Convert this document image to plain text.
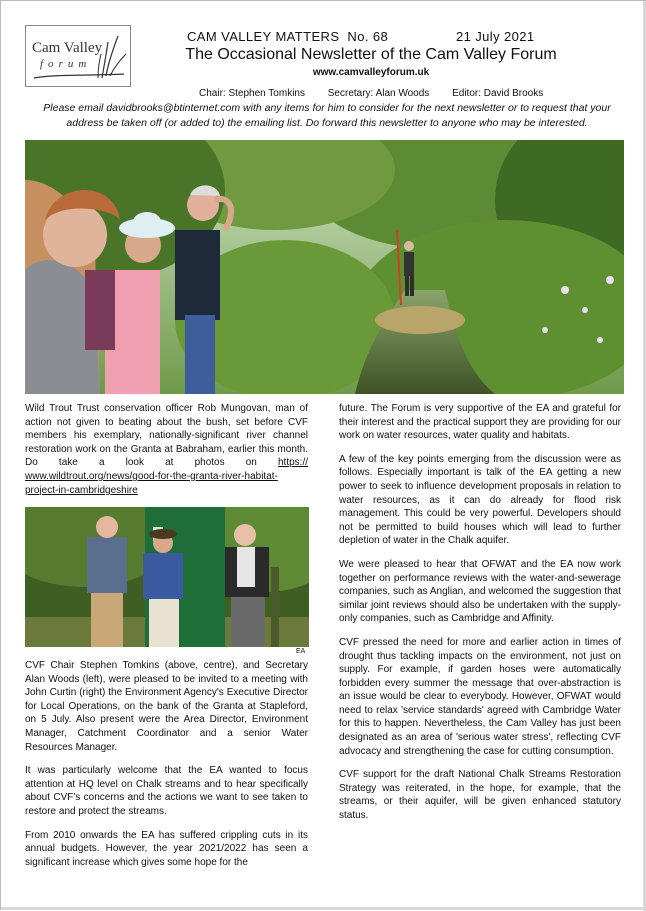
Cam Valley
forum
CAM VALLEY MATTERS No. 68	21 July 2021
The Occasional Newsletter of the Cam Valley Forum
www.camvalleyforum.uk
Chair: Stephen Tomkins Secretary: Alan Woods Editor: David Brooks
Please email davidbrooks@btinternet.com with any items for him to consider for the next newsletter or to request that your address be taken off (or added to) the emailing list. Do forward this newsletter to anyone who may be interested.

Wild Trout Trust conservation officer Rob Mungovan, man of action not given to beating about the bush, set before CVF members his exemplary, nationally-significant river channel restoration work on the Granta at Babraham, earlier this month. Do take a look at photos on https:// www.wildtrout.org/news/good-for-the-granta-river-habitat-project-in-cambridgeshire

EA

CVF Chair Stephen Tomkins (above, centre), and Secretary Alan Woods (left), were pleased to be invited to a meeting with John Curtin (right) the Environment Agency's Executive Director for Local Operations, on the bank of the Granta at Stapleford, on 5 July. Also present were the Area Director, Environment Manager, Catchment Coordinator and a senior Water Resources Manager.

It was particularly welcome that the EA wanted to focus attention at HQ level on Chalk streams and to hear specifically about CVF's concerns and the actions we want to see taken to restore and protect the streams.

From 2010 onwards the EA has suffered crippling cuts in its annual budgets. However, the year 2021/2022 has seen a significant increase which gives some hope for the

future. The Forum is very supportive of the EA and grateful for their interest and the practical support they are providing for our work on water resources, water quality and habitats.

A few of the key points emerging from the discussion were as follows. Especially important is talk of the EA getting a new power to seek to influence development proposals in relation to water resources, as it can do already for flood risk management. This could be very powerful. Developers should not be permitted to build houses which will lead to further depletion of water in the Chalk aquifer.

We were pleased to hear that OFWAT and the EA now work together on performance reviews with the water-and-sewerage companies, such as Anglian, and welcomed the suggestion that similar joint reviews should also be undertaken with the supply-only companies, such as Cambridge and Affinity.

CVF pressed the need for more and earlier action in times of drought thus tackling impacts on the environment, not just on supply. For example, if garden hoses were automatically forbidden every summer the message that over-abstraction is an issue would be clear to everybody. However, OFWAT would need to relax 'service standards' agreed with Cambridge Water for this to happen. Nevertheless, the Cam Valley has just been designated as an area of 'serious water stress', reflecting CVF advocacy and strengthening the case for cutting consumption.

CVF support for the draft National Chalk Streams Restoration Strategy was reiterated, in the hope, for example, that the streams, or their aquifer, will be given enhanced statutory status.
